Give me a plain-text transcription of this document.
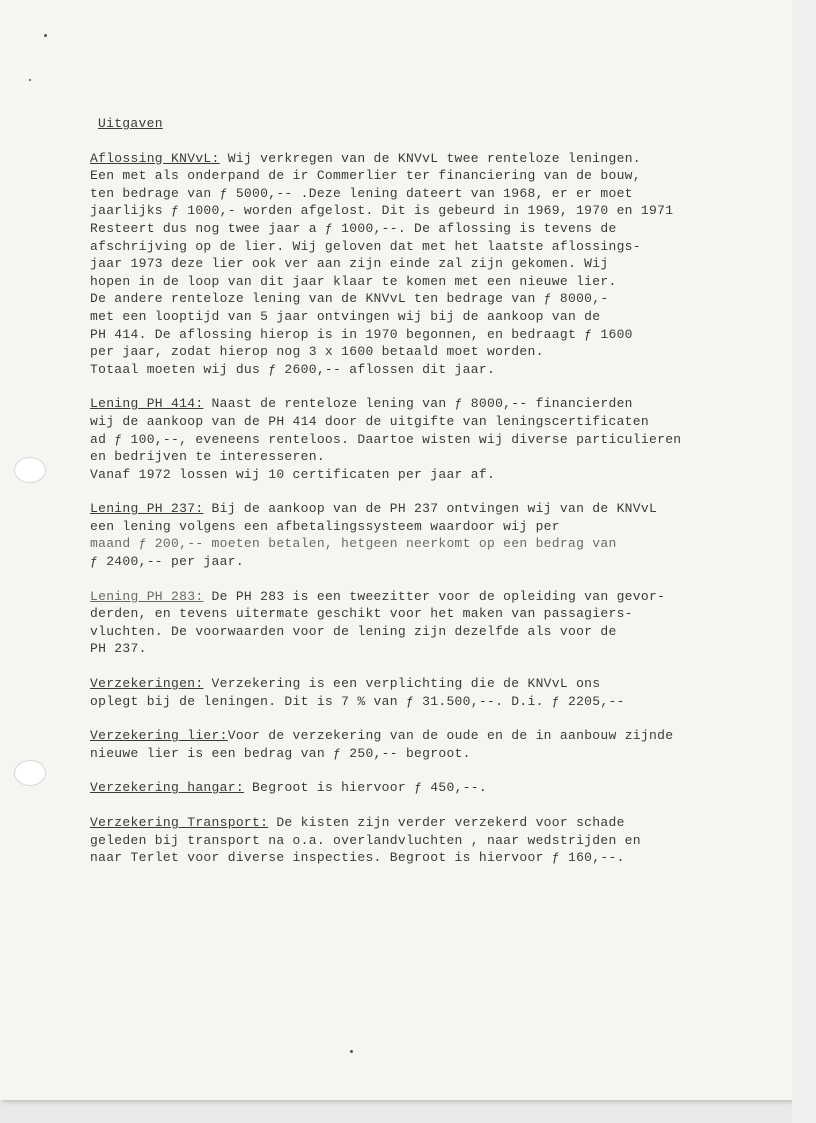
Uitgaven
Aflossing KNVvL: Wij verkregen van de KNVvL twee renteloze leningen.
Een met als onderpand de ir Commerlier ter financiering van de bouw,
ten bedrage van ƒ 5000,-- .Deze lening dateert van 1968, er er moet
jaarlijks ƒ 1000,- worden afgelost. Dit is gebeurd in 1969, 1970 en 1971
Resteert dus nog twee jaar a ƒ 1000,--. De aflossing is tevens de
afschrijving op de lier. Wij geloven dat met het laatste aflossings-
jaar 1973 deze lier ook ver aan zijn einde zal zijn gekomen. Wij
hopen in de loop van dit jaar klaar te komen met een nieuwe lier.
De andere renteloze lening van de KNVvL ten bedrage van ƒ 8000,-
met een looptijd van 5 jaar ontvingen wij bij de aankoop van de
PH 414. De aflossing hierop is in 1970 begonnen, en bedraagt ƒ 1600
per jaar, zodat hierop nog 3 x 1600 betaald moet worden.
Totaal moeten wij dus ƒ 2600,-- aflossen dit jaar.
Lening PH 414: Naast de renteloze lening van ƒ 8000,-- financierden
wij de aankoop van de PH 414 door de uitgifte van leningscertificaten
ad ƒ 100,--, eveneens renteloos. Daartoe wisten wij diverse particulieren
en bedrijven te interesseren.
Vanaf 1972 lossen wij 10 certificaten per jaar af.
Lening PH 237: Bij de aankoop van de PH 237 ontvingen wij van de KNVvL
een lening volgens een afbetalingssysteem waardoor wij per
maand ƒ 200,-- moeten betalen, hetgeen neerkomt op een bedrag van
ƒ 2400,-- per jaar.
Lening PH 283: De PH 283 is een tweezitter voor de opleiding van gevor-
derden, en tevens uitermate geschikt voor het maken van passagiers-
vluchten. De voorwaarden voor de lening zijn dezelfde als voor de
PH 237.
Verzekeringen: Verzekering is een verplichting die de KNVvL ons
oplegt bij de leningen. Dit is 7 % van ƒ 31.500,--. D.i. ƒ 2205,--
Verzekering lier:Voor de verzekering van de oude en de in aanbouw zijnde
nieuwe lier is een bedrag van ƒ 250,-- begroot.
Verzekering hangar: Begroot is hiervoor ƒ 450,--.
Verzekering Transport: De kisten zijn verder verzekerd voor schade
geleden bij transport na o.a. overlandvluchten , naar wedstrijden en
naar Terlet voor diverse inspecties. Begroot is hiervoor ƒ 160,--.
